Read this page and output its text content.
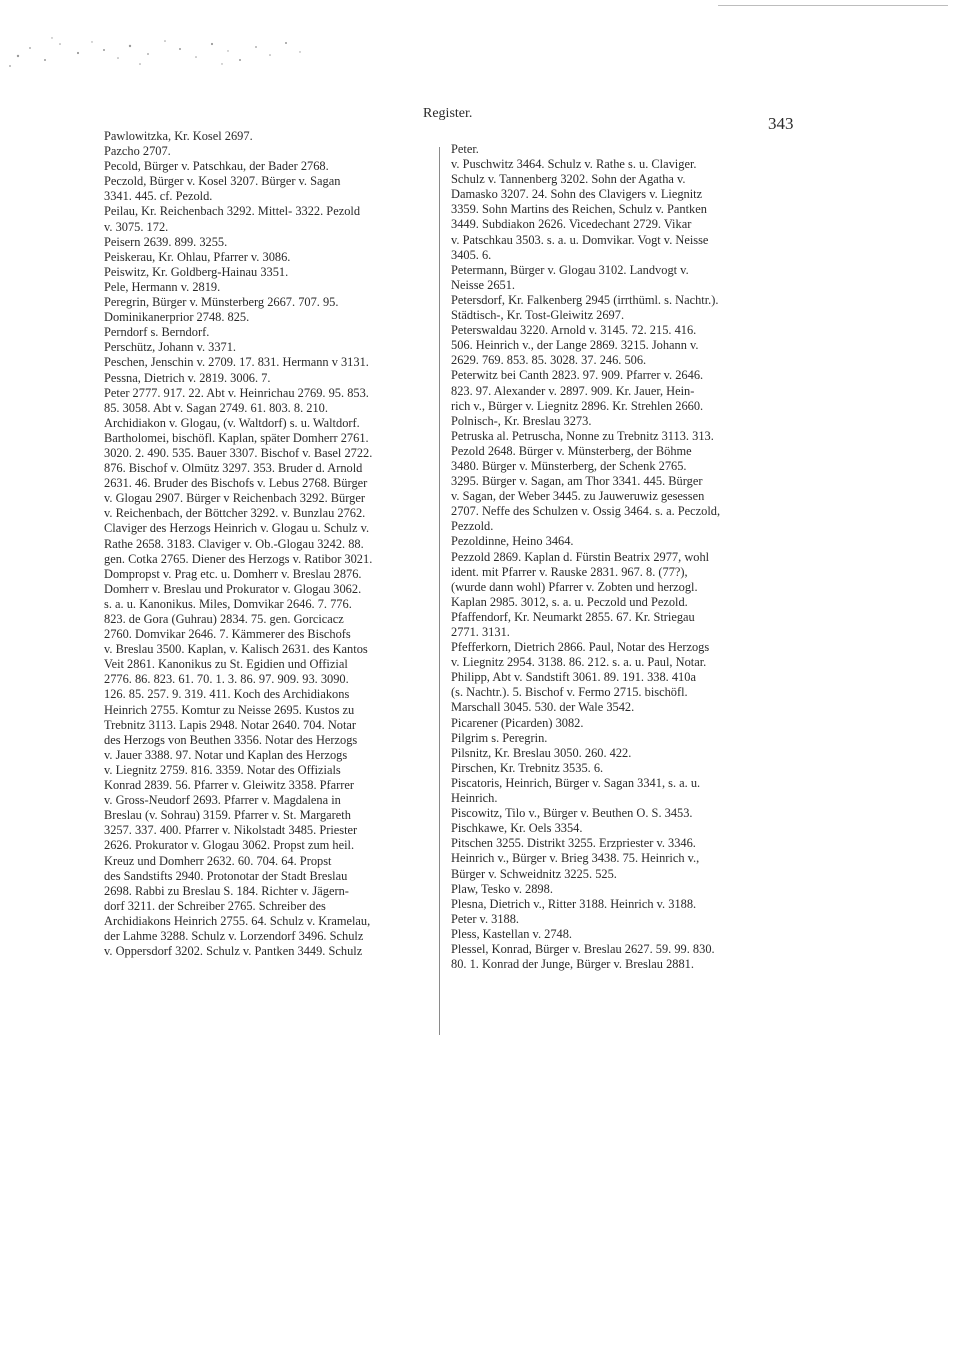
Register.
343
Pawlowitzka, Kr. Kosel 2697.
Pazcho 2707.
Pecold, Bürger v. Patschkau, der Bader 2768.
Peczold, Bürger v. Kosel 3207. Bürger v. Sagan
3341. 445. cf. Pezold.
Peilau, Kr. Reichenbach 3292. Mittel- 3322. Pezold
v. 3075. 172.
Peisern 2639. 899. 3255.
Peiskerau, Kr. Ohlau, Pfarrer v. 3086.
Peiswitz, Kr. Goldberg-Hainau 3351.
Pele, Hermann v. 2819.
Peregrin, Bürger v. Münsterberg 2667. 707. 95.
Dominikanerprior 2748. 825.
Perndorf s. Berndorf.
Perschütz, Johann v. 3371.
Peschen, Jenschin v. 2709. 17. 831. Hermann v 3131.
Pessna, Dietrich v. 2819. 3006. 7.
Peter 2777. 917. 22. Abt v. Heinrichau 2769. 95. 853.
85. 3058. Abt v. Sagan 2749. 61. 803. 8. 210.
Archidiakon v. Glogau, (v. Waltdorf) s. u. Waltdorf.
Bartholomei, bischöfl. Kaplan, später Domherr 2761.
3020. 2. 490. 535. Bauer 3307. Bischof v. Basel 2722.
876. Bischof v. Olmütz 3297. 353. Bruder d. Arnold
2631. 46. Bruder des Bischofs v. Lebus 2768. Bürger
v. Glogau 2907. Bürger v Reichenbach 3292. Bürger
v. Reichenbach, der Böttcher 3292. v. Bunzlau 2762.
Claviger des Herzogs Heinrich v. Glogau u. Schulz v.
Rathe 2658. 3183. Claviger v. Ob.-Glogau 3242. 88.
gen. Cotka 2765. Diener des Herzogs v. Ratibor 3021.
Dompropst v. Prag etc. u. Domherr v. Breslau 2876.
Domherr v. Breslau und Prokurator v. Glogau 3062.
s. a. u. Kanonikus. Miles, Domvikar 2646. 7. 776.
823. de Gora (Guhrau) 2834. 75. gen. Gorcicacz
2760. Domvikar 2646. 7. Kämmerer des Bischofs
v. Breslau 3500. Kaplan, v. Kalisch 2631. des Kantos
Veit 2861. Kanonikus zu St. Egidien und Offizial
2776. 86. 823. 61. 70. 1. 3. 86. 97. 909. 93. 3090.
126. 85. 257. 9. 319. 411. Koch des Archidiakons
Heinrich 2755. Komtur zu Neisse 2695. Kustos zu
Trebnitz 3113. Lapis 2948. Notar 2640. 704. Notar
des Herzogs von Beuthen 3356. Notar des Herzogs
v. Jauer 3388. 97. Notar und Kaplan des Herzogs
v. Liegnitz 2759. 816. 3359. Notar des Offizials
Konrad 2839. 56. Pfarrer v. Gleiwitz 3358. Pfarrer
v. Gross-Neudorf 2693. Pfarrer v. Magdalena in
Breslau (v. Sohrau) 3159. Pfarrer v. St. Margareth
3257. 337. 400. Pfarrer v. Nikolstadt 3485. Priester
2626. Prokurator v. Glogau 3062. Propst zum heil.
Kreuz und Domherr 2632. 60. 704. 64. Propst
des Sandstifts 2940. Protonotar der Stadt Breslau
2698. Rabbi zu Breslau S. 184. Richter v. Jägern-
dorf 3211. der Schreiber 2765. Schreiber des
Archidiakons Heinrich 2755. 64. Schulz v. Kramelau,
der Lahme 3288. Schulz v. Lorzendorf 3496. Schulz
v. Oppersdorf 3202. Schulz v. Pantken 3449. Schulz
Peter.
v. Puschwitz 3464. Schulz v. Rathe s. u. Claviger.
Schulz v. Tannenberg 3202. Sohn der Agatha v.
Damasko 3207. 24. Sohn des Clavigers v. Liegnitz
3359. Sohn Martins des Reichen, Schulz v. Pantken
3449. Subdiakon 2626. Vicedechant 2729. Vikar
v. Patschkau 3503. s. a. u. Domvikar. Vogt v. Neisse
3405. 6.
Petermann, Bürger v. Glogau 3102. Landvogt v.
Neisse 2651.
Petersdorf, Kr. Falkenberg 2945 (irrthüml. s. Nachtr.).
Städtisch-, Kr. Tost-Gleiwitz 2697.
Peterswaldau 3220. Arnold v. 3145. 72. 215. 416.
506. Heinrich v., der Lange 2869. 3215. Johann v.
2629. 769. 853. 85. 3028. 37. 246. 506.
Peterwitz bei Canth 2823. 97. 909. Pfarrer v. 2646.
823. 97. Alexander v. 2897. 909. Kr. Jauer, Hein-
rich v., Bürger v. Liegnitz 2896. Kr. Strehlen 2660.
Polnisch-, Kr. Breslau 3273.
Petruska al. Petruscha, Nonne zu Trebnitz 3113. 313.
Pezold 2648. Bürger v. Münsterberg, der Böhme
3480. Bürger v. Münsterberg, der Schenk 2765.
3295. Bürger v. Sagan, am Thor 3341. 445. Bürger
v. Sagan, der Weber 3445. zu Jauweruwiz gesessen
2707. Neffe des Schulzen v. Ossig 3464. s. a. Peczold,
Pezzold.
Pezoldinne, Heino 3464.
Pezzold 2869. Kaplan d. Fürstin Beatrix 2977, wohl
ident. mit Pfarrer v. Rauske 2831. 967. 8. (77?),
(wurde dann wohl) Pfarrer v. Zobten und herzogl.
Kaplan 2985. 3012, s. a. u. Peczold und Pezold.
Pfaffendorf, Kr. Neumarkt 2855. 67. Kr. Striegau
2771. 3131.
Pfefferkorn, Dietrich 2866. Paul, Notar des Herzogs
v. Liegnitz 2954. 3138. 86. 212. s. a. u. Paul, Notar.
Philipp, Abt v. Sandstift 3061. 89. 191. 338. 410a
(s. Nachtr.). 5. Bischof v. Fermo 2715. bischöfl.
Marschall 3045. 530. der Wale 3542.
Picarener (Picarden) 3082.
Pilgrim s. Peregrin.
Pilsnitz, Kr. Breslau 3050. 260. 422.
Pirschen, Kr. Trebnitz 3535. 6.
Piscatoris, Heinrich, Bürger v. Sagan 3341, s. a. u.
Heinrich.
Piscowitz, Tilo v., Bürger v. Beuthen O. S. 3453.
Pischkawe, Kr. Oels 3354.
Pitschen 3255. Distrikt 3255. Erzpriester v. 3346.
Heinrich v., Bürger v. Brieg 3438. 75. Heinrich v.,
Bürger v. Schweidnitz 3225. 525.
Plaw, Tesko v. 2898.
Plesna, Dietrich v., Ritter 3188. Heinrich v. 3188.
Peter v. 3188.
Pless, Kastellan v. 2748.
Plessel, Konrad, Bürger v. Breslau 2627. 59. 99. 830.
80. 1. Konrad der Junge, Bürger v. Breslau 2881.
